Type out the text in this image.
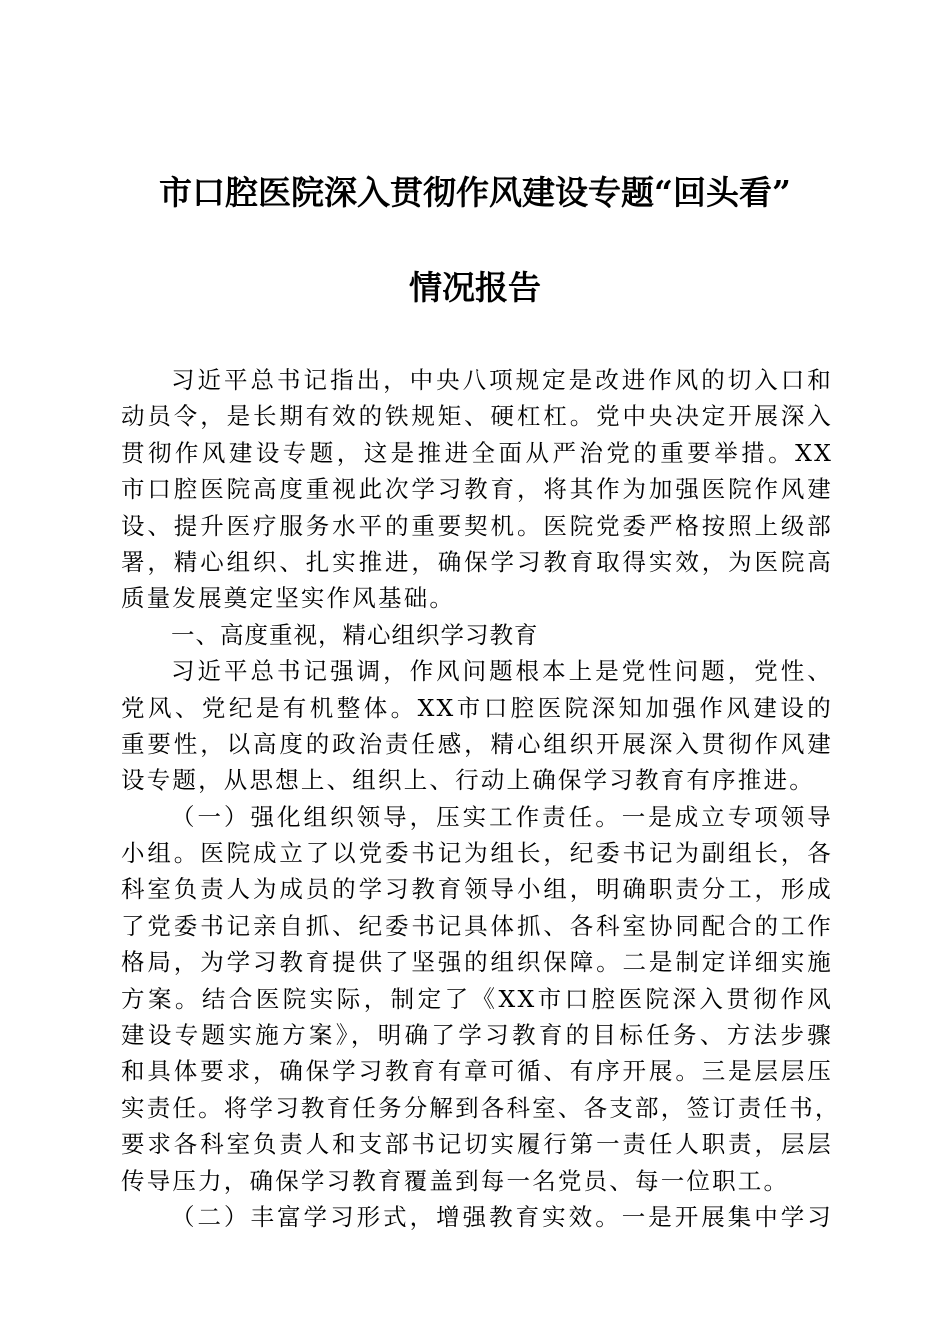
市口腔医院深入贯彻作风建设专题“回头看”
情况报告
习近平总书记指出，中央八项规定是改进作风的切入口和
动员令，是长期有效的铁规矩、硬杠杠。党中央决定开展深入
贯彻作风建设专题，这是推进全面从严治党的重要举措。XX
市口腔医院高度重视此次学习教育，将其作为加强医院作风建
设、提升医疗服务水平的重要契机。医院党委严格按照上级部
署，精心组织、扎实推进，确保学习教育取得实效，为医院高
质量发展奠定坚实作风基础。
一、高度重视，精心组织学习教育
习近平总书记强调，作风问题根本上是党性问题，党性、
党风、党纪是有机整体。XX市口腔医院深知加强作风建设的
重要性，以高度的政治责任感，精心组织开展深入贯彻作风建
设专题，从思想上、组织上、行动上确保学习教育有序推进。
（一）强化组织领导，压实工作责任。一是成立专项领导
小组。医院成立了以党委书记为组长，纪委书记为副组长，各
科室负责人为成员的学习教育领导小组，明确职责分工，形成
了党委书记亲自抓、纪委书记具体抓、各科室协同配合的工作
格局，为学习教育提供了坚强的组织保障。二是制定详细实施
方案。结合医院实际，制定了《XX市口腔医院深入贯彻作风
建设专题实施方案》，明确了学习教育的目标任务、方法步骤
和具体要求，确保学习教育有章可循、有序开展。三是层层压
实责任。将学习教育任务分解到各科室、各支部，签订责任书，
要求各科室负责人和支部书记切实履行第一责任人职责，层层
传导压力，确保学习教育覆盖到每一名党员、每一位职工。
（二）丰富学习形式，增强教育实效。一是开展集中学习
